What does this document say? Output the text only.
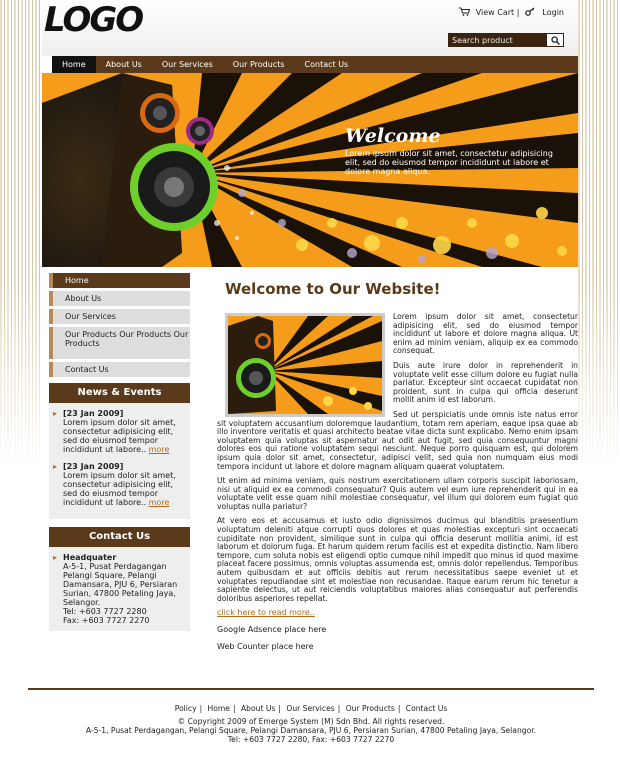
LOGO	View Cart |	Login
Search product
Home	About Us	Our Services	Our Products	Contact Us
Welcome

Lorem ipsum dolor sit amet, consectetur adipisicing elit, sed do eiusmod tempor incididunt ut labore et dolore magna aliqua.

Home
About Us
Our Services
Our Products Our Products Our Products
Contact Us
News & Events
▸ [23 Jan 2009]
Lorem ipsum dolor sit amet, consectetur adipisicing elit, sed do eiusmod tempor incididunt ut labore.. more
▸ [23 Jan 2009]
Lorem ipsum dolor sit amet, consectetur adipisicing elit, sed do eiusmod tempor incididunt ut labore.. more
Contact Us
▸ Headquater
A-5-1, Pusat Perdagangan Pelangi Square, Pelangi Damansara, PJU 6, Persiaran Surian, 47800 Petaling Jaya, Selangor.
Tel: +603 7727 2280
Fax: +603 7727 2270
Welcome to Our Website!

Lorem ipsum dolor sit amet, consectetur adipisicing elit, sed do eiusmod tempor incididunt ut labore et dolore magna aliqua. Ut enim ad minim veniam, aliquip ex ea commodo consequat.

Duis aute irure dolor in reprehenderit in voluptate velit esse cillum dolore eu fugiat nulla pariatur. Excepteur sint occaecat cupidatat non proident, sunt in culpa qui officia deserunt mollit anim id est laborum.

Sed ut perspiciatis unde omnis iste natus error sit voluptatem accusantium doloremque laudantium, totam rem aperiam, eaque ipsa quae ab illo inventore veritatis et quasi architecto beatae vitae dicta sunt explicabo. Nemo enim ipsam voluptatem quia voluptas sit aspernatur aut odit aut fugit, sed quia consequuntur magni dolores eos qui ratione voluptatem sequi nesciunt. Neque porro quisquam est, qui dolorem ipsum quia dolor sit amet, consectetur, adipisci velit, sed quia non numquam eius modi tempora incidunt ut labore et dolore magnam aliquam quaerat voluptatem.

Ut enim ad minima veniam, quis nostrum exercitationem ullam corporis suscipit laboriosam, nisi ut aliquid ex ea commodi consequatur? Quis autem vel eum iure reprehenderit qui in ea voluptate velit esse quam nihil molestiae consequatur, vel illum qui dolorem eum fugiat quo voluptas nulla pariatur?

At vero eos et accusamus et iusto odio dignissimos ducimus qui blanditiis praesentium voluptatum deleniti atque corrupti quos dolores et quas molestias excepturi sint occaecati cupiditate non provident, similique sunt in culpa qui officia deserunt mollitia animi, id est laborum et dolorum fuga. Et harum quidem rerum facilis est et expedita distinctio. Nam libero tempore, cum soluta nobis est eligendi optio cumque nihil impedit quo minus id quod maxime placeat facere possimus, omnis voluptas assumenda est, omnis dolor repellendus. Temporibus autem quibusdam et aut officiis debitis aut rerum necessitatibus saepe eveniet ut et voluptates repudiandae sint et molestiae non recusandae. Itaque earum rerum hic tenetur a sapiente delectus, ut aut reiciendis voluptatibus maiores alias consequatur aut perferendis doloribus asperiores repellat.

click here to read more..
Google Adsence place here
Web Counter place here
Policy | Home | About Us | Our Services | Our Products | Contact Us
© Copyright 2009 of Emerge System (M) Sdn Bhd. All rights reserved.
A-5-1, Pusat Perdagangan, Pelangi Square, Pelangi Damansara, PJU 6, Persiaran Surian, 47800 Petaling Jaya, Selangor.
Tel: +603 7727 2280, Fax: +603 7727 2270
